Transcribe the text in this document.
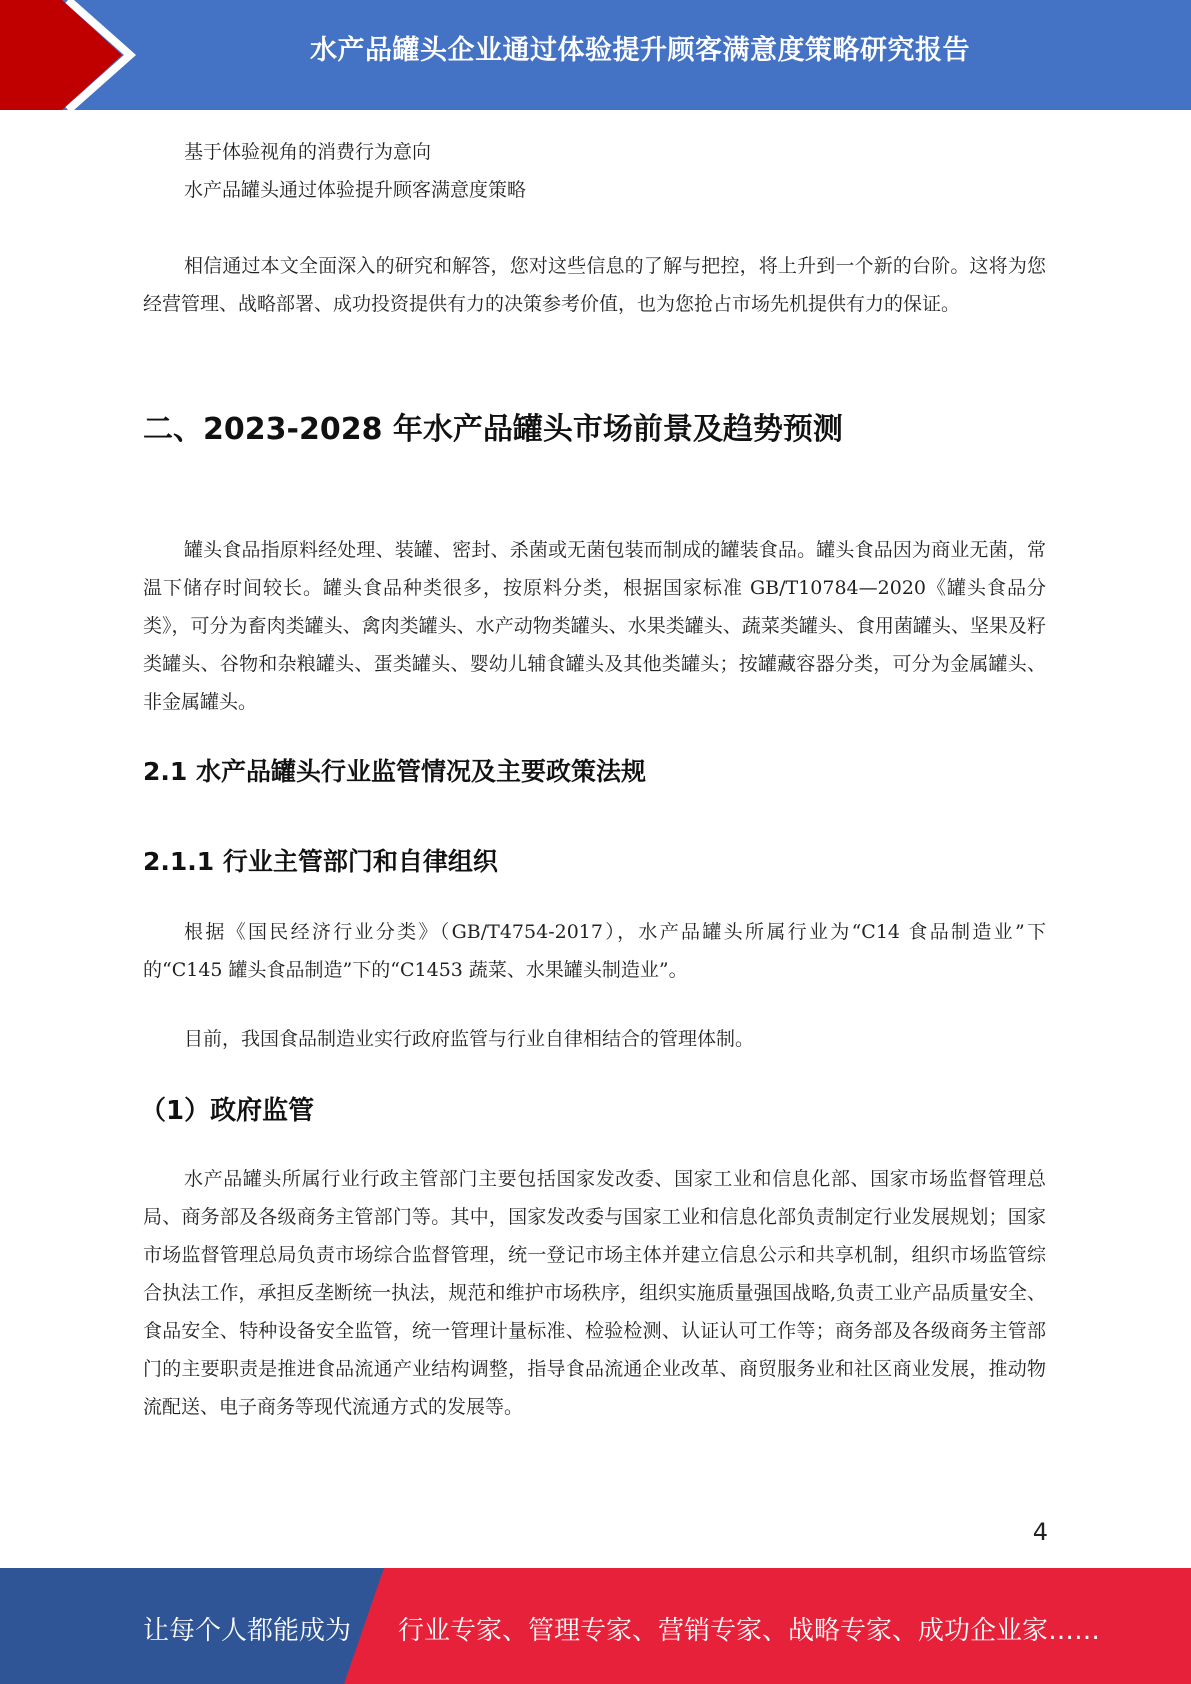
水产品罐头企业通过体验提升顾客满意度策略研究报告
基于体验视角的消费行为意向
水产品罐头通过体验提升顾客满意度策略

相信通过本文全面深入的研究和解答，您对这些信息的了解与把控，将上升到一个新的台阶。这将为您经营管理、战略部署、成功投资提供有力的决策参考价值，也为您抢占市场先机提供有力的保证。

二、2023-2028 年水产品罐头市场前景及趋势预测

罐头食品指原料经处理、装罐、密封、杀菌或无菌包装而制成的罐装食品。罐头食品因为商业无菌，常温下储存时间较长。罐头食品种类很多，按原料分类，根据国家标准 GB/T10784—2020《罐头食品分类》，可分为畜肉类罐头、禽肉类罐头、水产动物类罐头、水果类罐头、蔬菜类罐头、食用菌罐头、坚果及籽类罐头、谷物和杂粮罐头、蛋类罐头、婴幼儿辅食罐头及其他类罐头；按罐藏容器分类，可分为金属罐头、非金属罐头。

2.1 水产品罐头行业监管情况及主要政策法规
2.1.1 行业主管部门和自律组织

根据《国民经济行业分类》（GB/T4754-2017），水产品罐头所属行业为“C14 食品制造业”下的“C145 罐头食品制造”下的“C1453 蔬菜、水果罐头制造业”。

目前，我国食品制造业实行政府监管与行业自律相结合的管理体制。

（1）政府监管

水产品罐头所属行业行政主管部门主要包括国家发改委、国家工业和信息化部、国家市场监督管理总局、商务部及各级商务主管部门等。其中，国家发改委与国家工业和信息化部负责制定行业发展规划；国家市场监督管理总局负责市场综合监督管理，统一登记市场主体并建立信息公示和共享机制，组织市场监管综合执法工作，承担反垄断统一执法，规范和维护市场秩序，组织实施质量强国战略,负责工业产品质量安全、食品安全、特种设备安全监管，统一管理计量标准、检验检测、认证认可工作等；商务部及各级商务主管部门的主要职责是推进食品流通产业结构调整，指导食品流通企业改革、商贸服务业和社区商业发展，推动物流配送、电子商务等现代流通方式的发展等。

4
让每个人都能成为 行业专家、管理专家、营销专家、战略专家、成功企业家……
